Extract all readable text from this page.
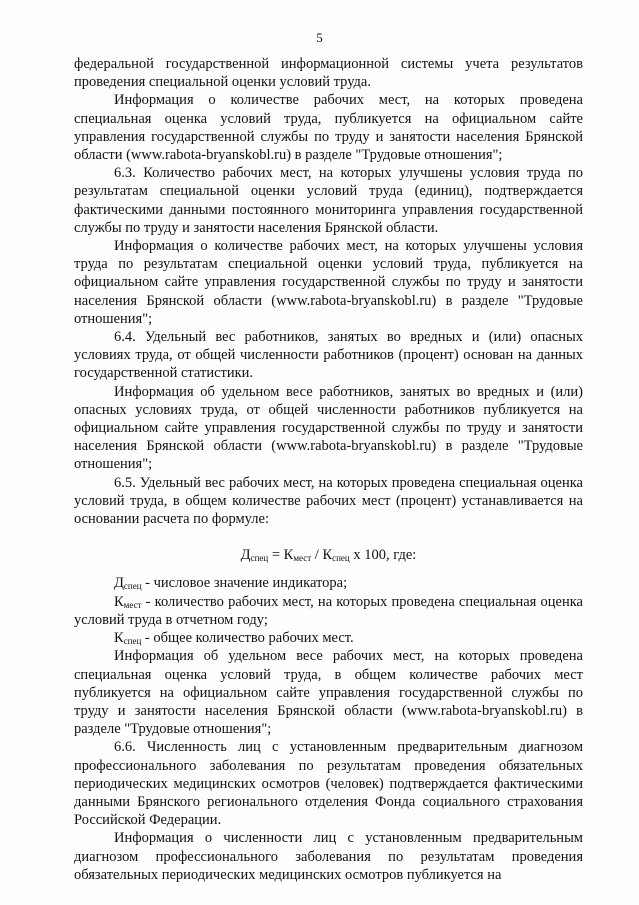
5

федеральной государственной информационной системы учета результатов проведения специальной оценки условий труда.

Информация о количестве рабочих мест, на которых проведена специальная оценка условий труда, публикуется на официальном сайте управления государственной службы по труду и занятости населения Брянской области (www.rabota-bryanskobl.ru) в разделе "Трудовые отношения";

6.3. Количество рабочих мест, на которых улучшены условия труда по результатам специальной оценки условий труда (единиц), подтверждается фактическими данными постоянного мониторинга управления государственной службы по труду и занятости населения Брянской области.

Информация о количестве рабочих мест, на которых улучшены условия труда по результатам специальной оценки условий труда, публикуется на официальном сайте управления государственной службы по труду и занятости населения Брянской области (www.rabota-bryanskobl.ru) в разделе "Трудовые отношения";

6.4. Удельный вес работников, занятых во вредных и (или) опасных условиях труда, от общей численности работников (процент) основан на данных государственной статистики.

Информация об удельном весе работников, занятых во вредных и (или) опасных условиях труда, от общей численности работников публикуется на официальном сайте управления государственной службы по труду и занятости населения Брянской области (www.rabota-bryanskobl.ru) в разделе "Трудовые отношения";

6.5. Удельный вес рабочих мест, на которых проведена специальная оценка условий труда, в общем количестве рабочих мест (процент) устанавливается на основании расчета по формуле:

$Д_{спец} = К_{мест} / К_{спец}$ x 100, где:

$Д_{спец}$ - числовое значение индикатора;

$К_{мест}$ - количество рабочих мест, на которых проведена специальная оценка условий труда в отчетном году;

$К_{спец}$ - общее количество рабочих мест.

Информация об удельном весе рабочих мест, на которых проведена специальная оценка условий труда, в общем количестве рабочих мест публикуется на официальном сайте управления государственной службы по труду и занятости населения Брянской области (www.rabota-bryanskobl.ru) в разделе "Трудовые отношения";

6.6. Численность лиц с установленным предварительным диагнозом профессионального заболевания по результатам проведения обязательных периодических медицинских осмотров (человек) подтверждается фактическими данными Брянского регионального отделения Фонда социального страхования Российской Федерации.

Информация о численности лиц с установленным предварительным диагнозом профессионального заболевания по результатам проведения обязательных периодических медицинских осмотров публикуется на
